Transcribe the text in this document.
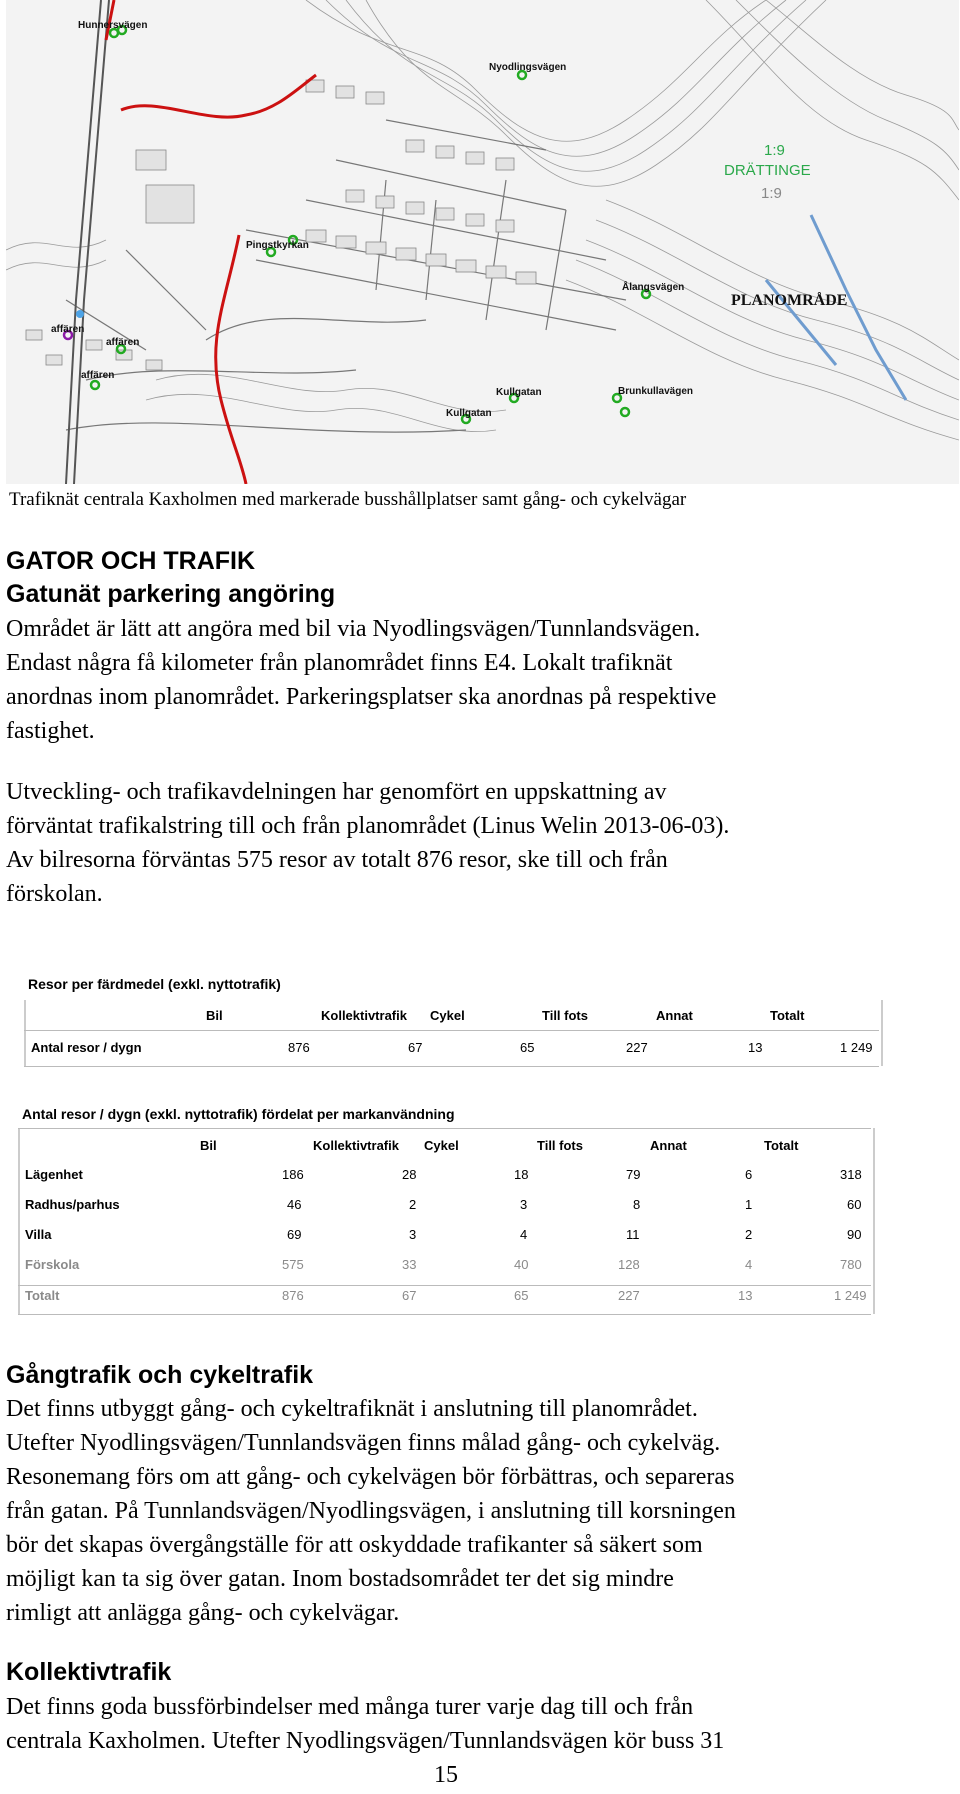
Hunnersvägen
Nyodlingsvägen
1:9
DRÄTTINGE
1:9
Pingstkyrkan
Ålangsvägen
PLANOMRÅDE
affären
affären
affären
Kullgatan
Kullgatan
Brunkullavägen
Trafiknät centrala Kaxholmen med markerade busshållplatser samt gång- och cykelvägar
GATOR OCH TRAFIK
Gatunät parkering angöring
Området är lätt att angöra med bil via Nyodlingsvägen/Tunnlandsvägen.
Endast några få kilometer från planområdet finns E4. Lokalt trafiknät
anordnas inom planområdet. Parkeringsplatser ska anordnas på respektive
fastighet.
Utveckling- och trafikavdelningen har genomfört en uppskattning av
förväntat trafikalstring till och från planområdet (Linus Welin 2013-06-03).
Av bilresorna förväntas 575 resor av totalt 876 resor, ske till och från
förskolan.
Resor per färdmedel (exkl. nyttotrafik)
Bil	Kollektivtrafik Cykel	Till fots	Annat	Totalt
Antal resor / dygn	876	67	65	227	13	1 249
Antal resor / dygn (exkl. nyttotrafik) fördelat per markanvändning
Bil	Kollektivtrafik Cykel	Till fots	Annat	Totalt
Lägenhet	186	28	18	79	6	318
Radhus/parhus	46	2	3	8	1	60
Villa	69	3	4	11	2	90
Förskola	575	33	40	128	4	780
Totalt	876	67	65	227	13	1 249
Gångtrafik och cykeltrafik
Det finns utbyggt gång- och cykeltrafiknät i anslutning till planområdet.
Utefter Nyodlingsvägen/Tunnlandsvägen finns målad gång- och cykelväg.
Resonemang förs om att gång- och cykelvägen bör förbättras, och separeras
från gatan. På Tunnlandsvägen/Nyodlingsvägen, i anslutning till korsningen
bör det skapas övergångställe för att oskyddade trafikanter så säkert som
möjligt kan ta sig över gatan. Inom bostadsområdet ter det sig mindre
rimligt att anlägga gång- och cykelvägar.
Kollektivtrafik
Det finns goda bussförbindelser med många turer varje dag till och från
centrala Kaxholmen. Utefter Nyodlingsvägen/Tunnlandsvägen kör buss 31
15
